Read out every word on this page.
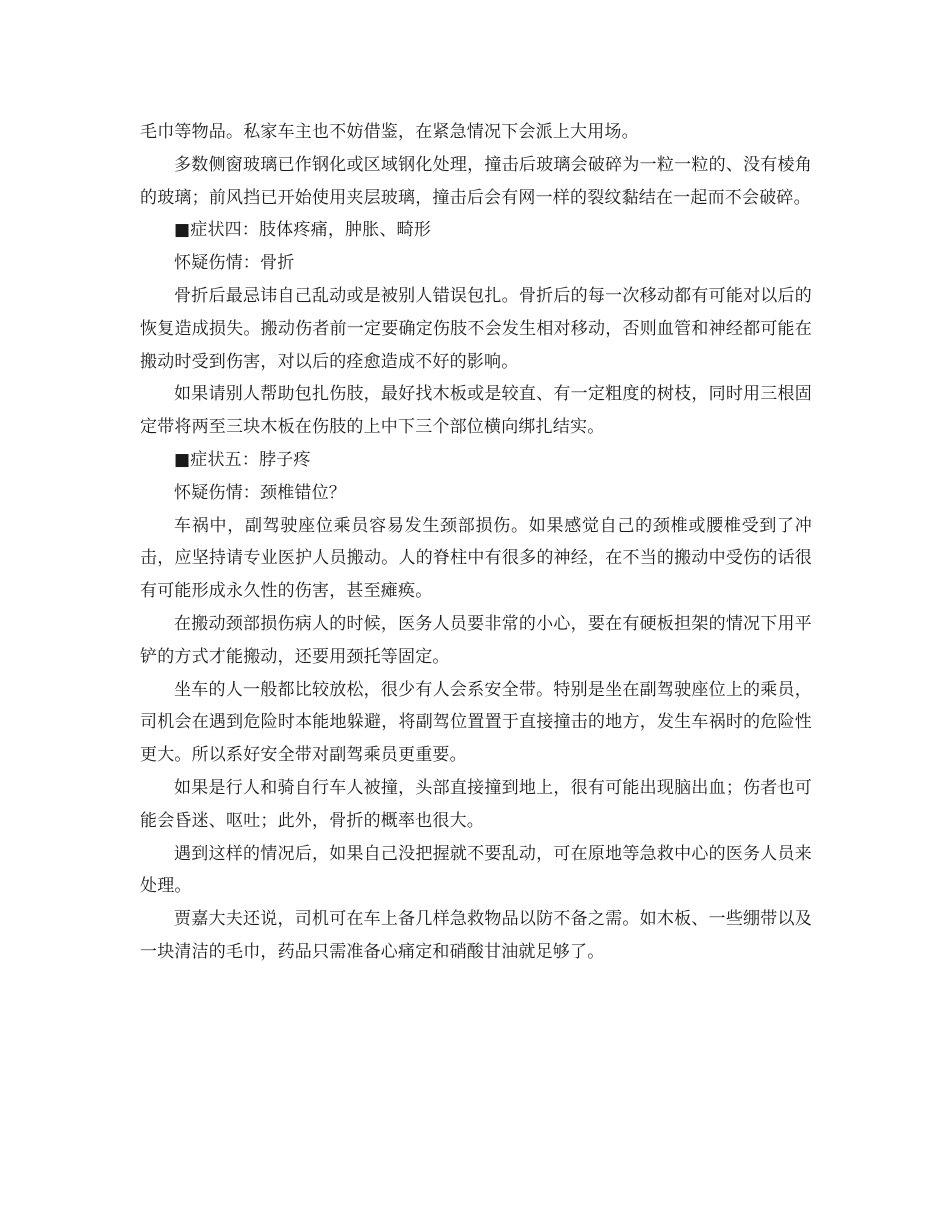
毛巾等物品。私家车主也不妨借鉴，在紧急情况下会派上大用场。

多数侧窗玻璃已作钢化或区域钢化处理，撞击后玻璃会破碎为一粒一粒的、没有棱角的玻璃；前风挡已开始使用夹层玻璃，撞击后会有网一样的裂纹黏结在一起而不会破碎。

■症状四：肢体疼痛，肿胀、畸形

怀疑伤情：骨折

骨折后最忌讳自己乱动或是被别人错误包扎。骨折后的每一次移动都有可能对以后的恢复造成损失。搬动伤者前一定要确定伤肢不会发生相对移动，否则血管和神经都可能在搬动时受到伤害，对以后的痊愈造成不好的影响。

如果请别人帮助包扎伤肢，最好找木板或是较直、有一定粗度的树枝，同时用三根固定带将两至三块木板在伤肢的上中下三个部位横向绑扎结实。

■症状五：脖子疼

怀疑伤情：颈椎错位？

车祸中，副驾驶座位乘员容易发生颈部损伤。如果感觉自己的颈椎或腰椎受到了冲击，应坚持请专业医护人员搬动。人的脊柱中有很多的神经，在不当的搬动中受伤的话很有可能形成永久性的伤害，甚至瘫痪。

在搬动颈部损伤病人的时候，医务人员要非常的小心，要在有硬板担架的情况下用平铲的方式才能搬动，还要用颈托等固定。

坐车的人一般都比较放松，很少有人会系安全带。特别是坐在副驾驶座位上的乘员，司机会在遇到危险时本能地躲避，将副驾位置置于直接撞击的地方，发生车祸时的危险性更大。所以系好安全带对副驾乘员更重要。

如果是行人和骑自行车人被撞，头部直接撞到地上，很有可能出现脑出血；伤者也可能会昏迷、呕吐；此外，骨折的概率也很大。

遇到这样的情况后，如果自己没把握就不要乱动，可在原地等急救中心的医务人员来处理。

贾嘉大夫还说，司机可在车上备几样急救物品以防不备之需。如木板、一些绷带以及一块清洁的毛巾，药品只需准备心痛定和硝酸甘油就足够了。
